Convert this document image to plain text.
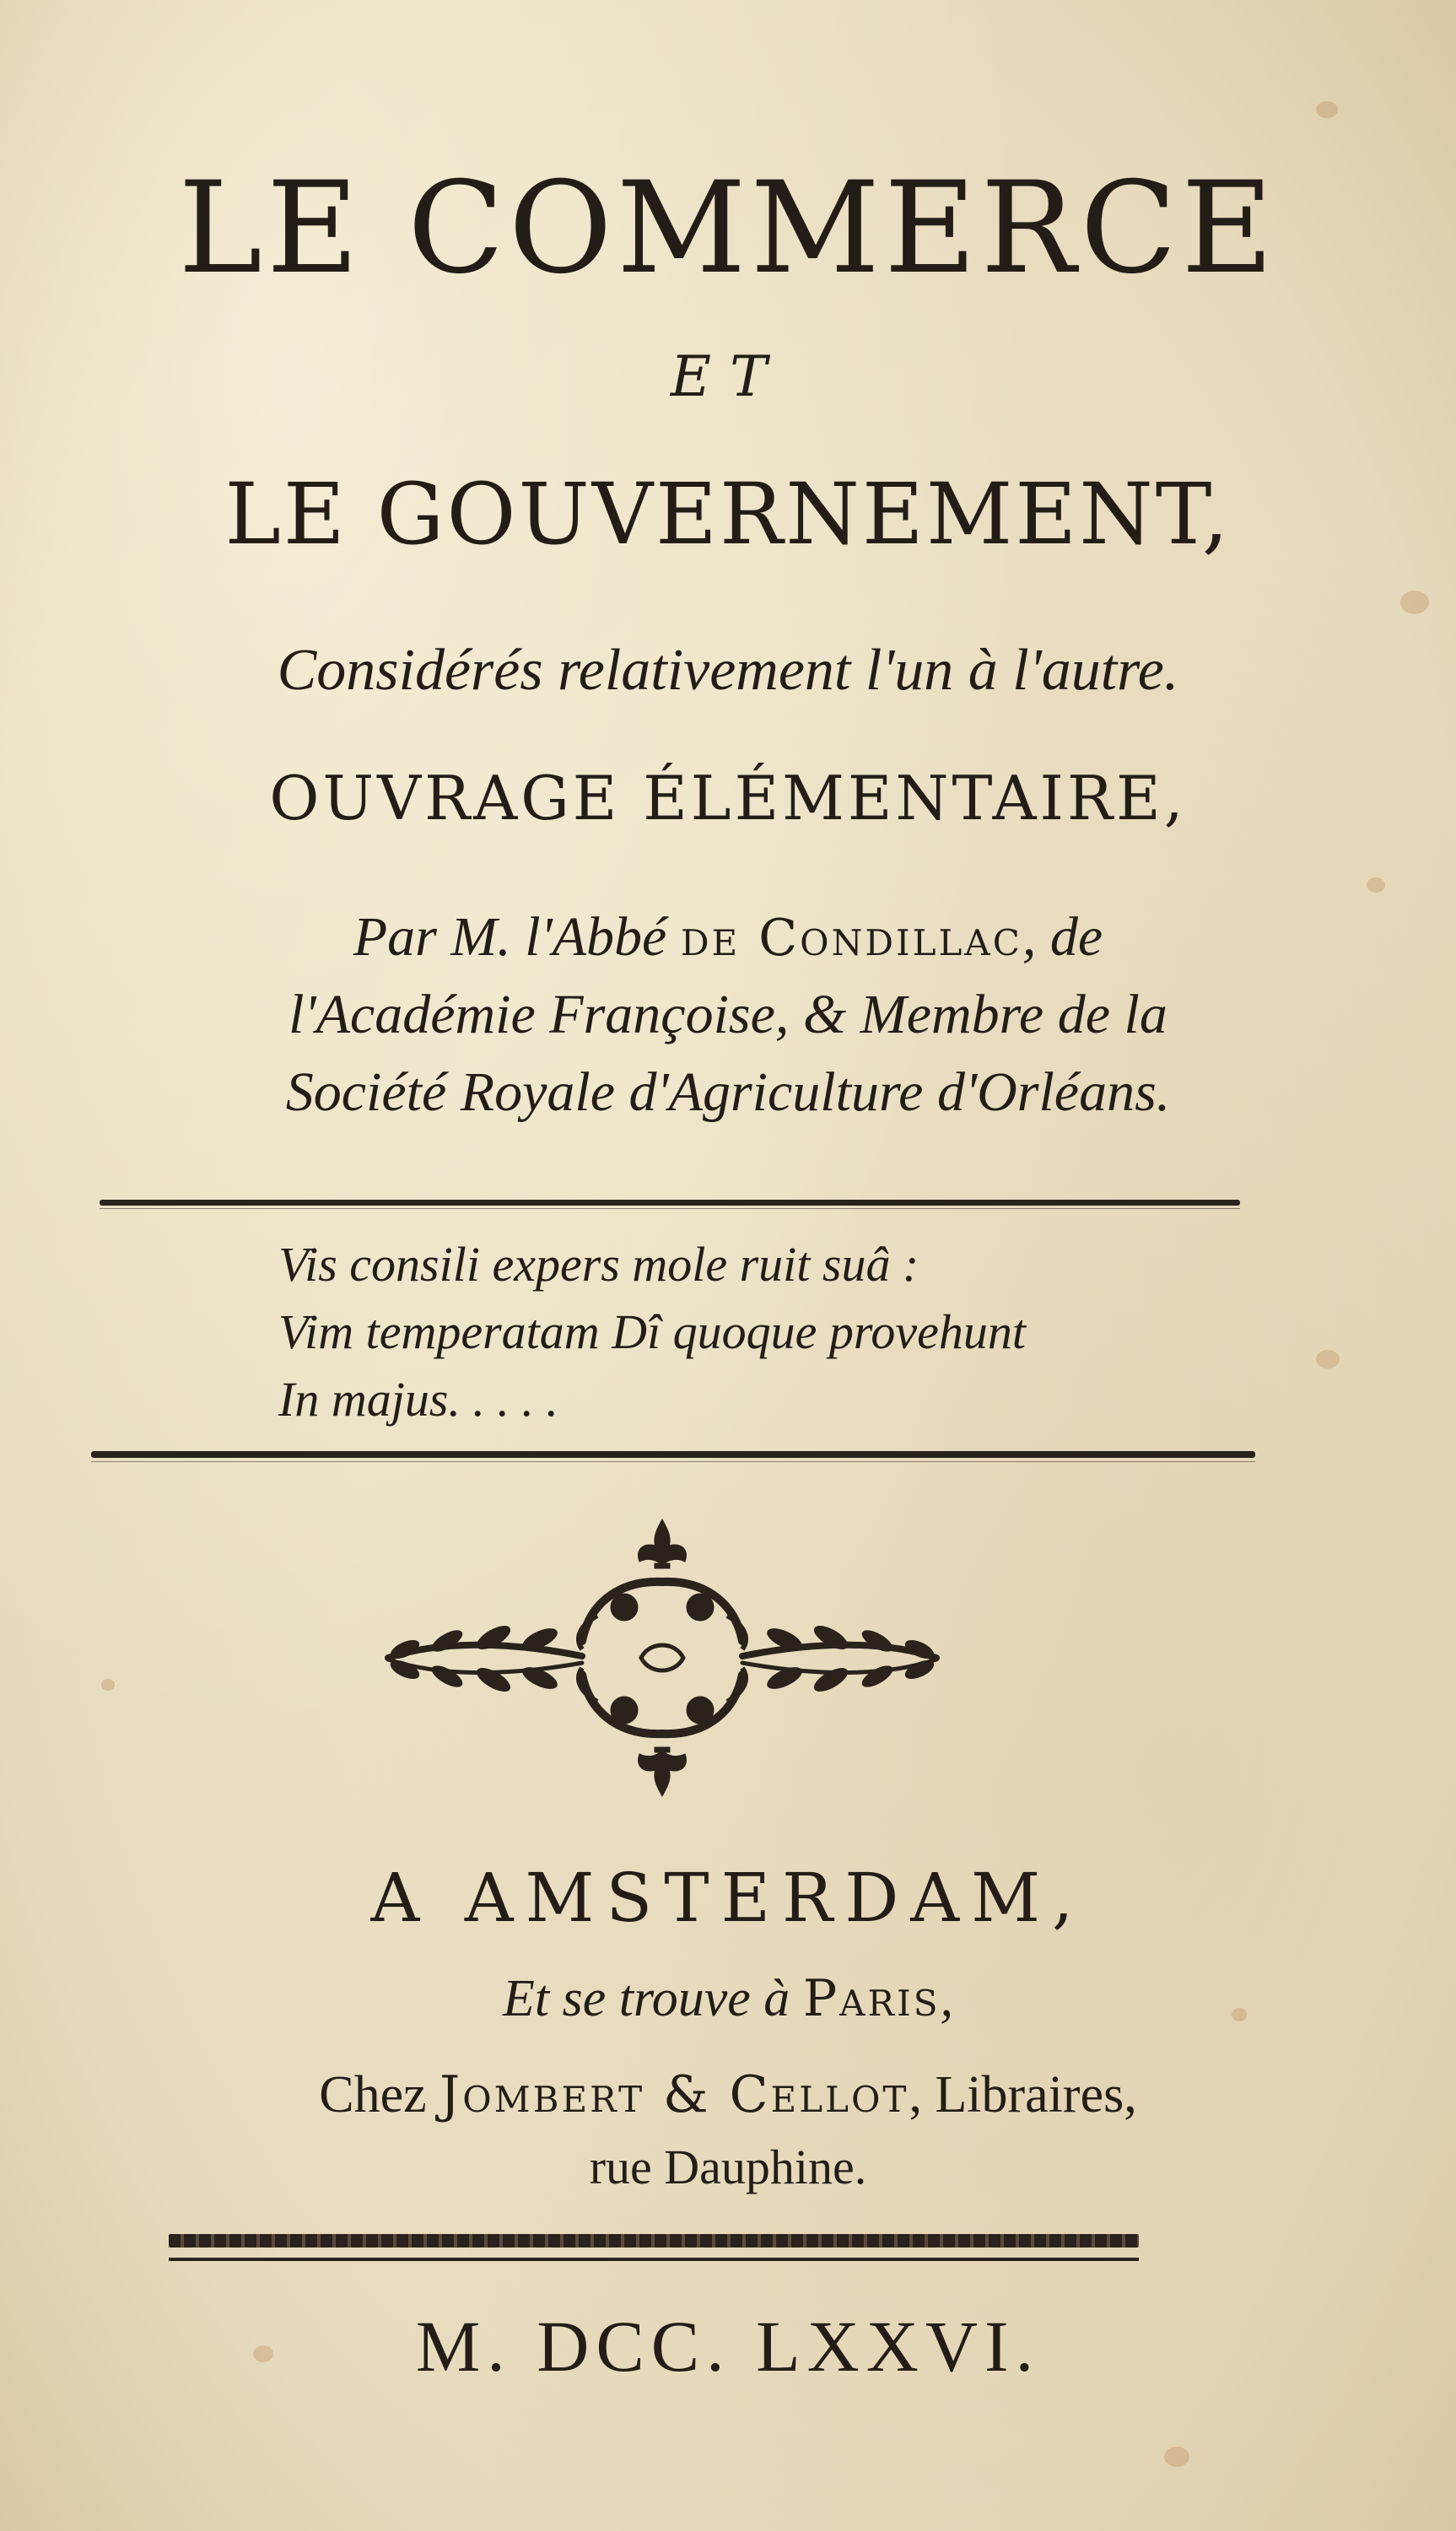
LE COMMERCE
ET
LE GOUVERNEMENT,
Considérés relativement l'un à l'autre.
OUVRAGE ÉLÉMENTAIRE,
Par M. l'Abbé de Condillac, de
l'Académie Françoise, & Membre de la
Société Royale d'Agriculture d'Orléans.
Vis consili expers mole ruit suâ :
Vim temperatam Dî quoque provehunt
In majus. . . . .
A AMSTERDAM,
Et se trouve à Paris,
Chez Jombert & Cellot, Libraires,
rue Dauphine.
M. DCC. LXXVI.
